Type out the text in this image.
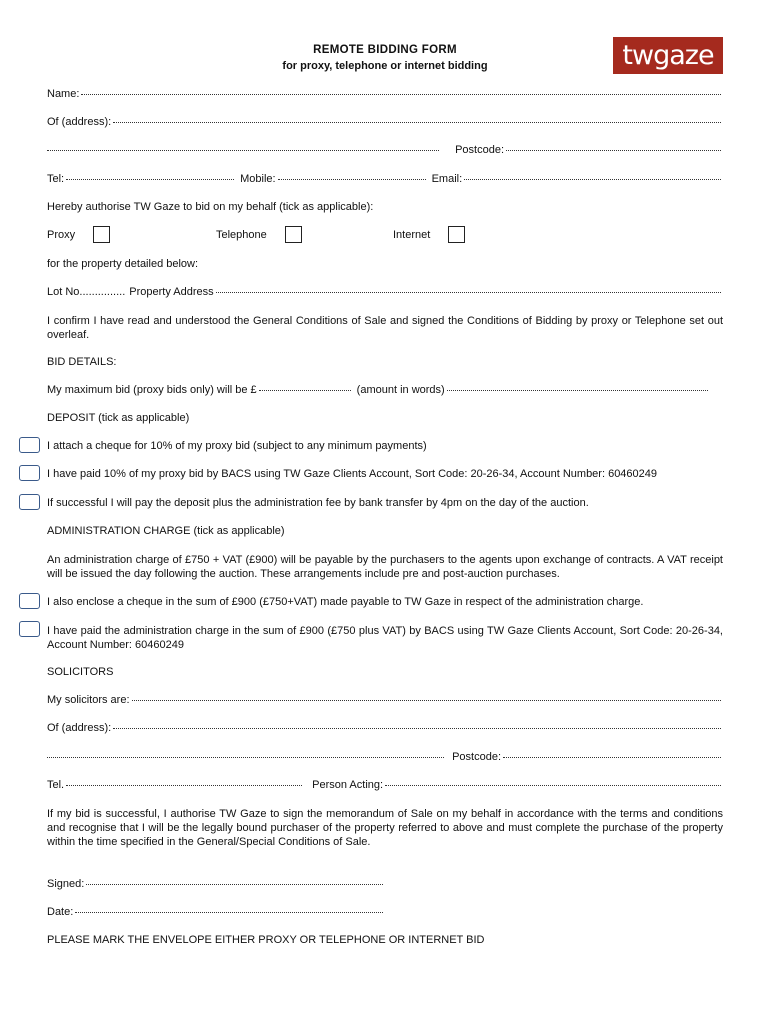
REMOTE BIDDING FORM
for proxy, telephone or internet bidding	twgaze
Name:
Of (address):
Postcode:
Tel:	Mobile:	Email:
Hereby authorise TW Gaze to bid on my behalf (tick as applicable):
Proxy	Telephone	Internet
for the property detailed below:
Lot No............... Property Address
I confirm I have read and understood the General Conditions of Sale and signed the Conditions of Bidding by proxy or Telephone set out overleaf.
BID DETAILS:
My maximum bid (proxy bids only) will be £	(amount in words)
DEPOSIT (tick as applicable)
I attach a cheque for 10% of my proxy bid (subject to any minimum payments)
I have paid 10% of my proxy bid by BACS using TW Gaze Clients Account, Sort Code: 20-26-34, Account Number: 60460249
If successful I will pay the deposit plus the administration fee by bank transfer by 4pm on the day of the auction.
ADMINISTRATION CHARGE (tick as applicable)
An administration charge of £750 + VAT (£900) will be payable by the purchasers to the agents upon exchange of contracts. A VAT receipt will be issued the day following the auction. These arrangements include pre and post-auction purchases.
I also enclose a cheque in the sum of £900 (£750+VAT) made payable to TW Gaze in respect of the administration charge.
I have paid the administration charge in the sum of £900 (£750 plus VAT) by BACS using TW Gaze Clients Account, Sort Code: 20-26-34, Account Number: 60460249
SOLICITORS
My solicitors are:
Of (address):
Postcode:
Tel.	Person Acting:
If my bid is successful, I authorise TW Gaze to sign the memorandum of Sale on my behalf in accordance with the terms and conditions and recognise that I will be the legally bound purchaser of the property referred to above and must complete the purchase of the property within the time specified in the General/Special Conditions of Sale.
Signed:
Date:
PLEASE MARK THE ENVELOPE EITHER PROXY OR TELEPHONE OR INTERNET BID
